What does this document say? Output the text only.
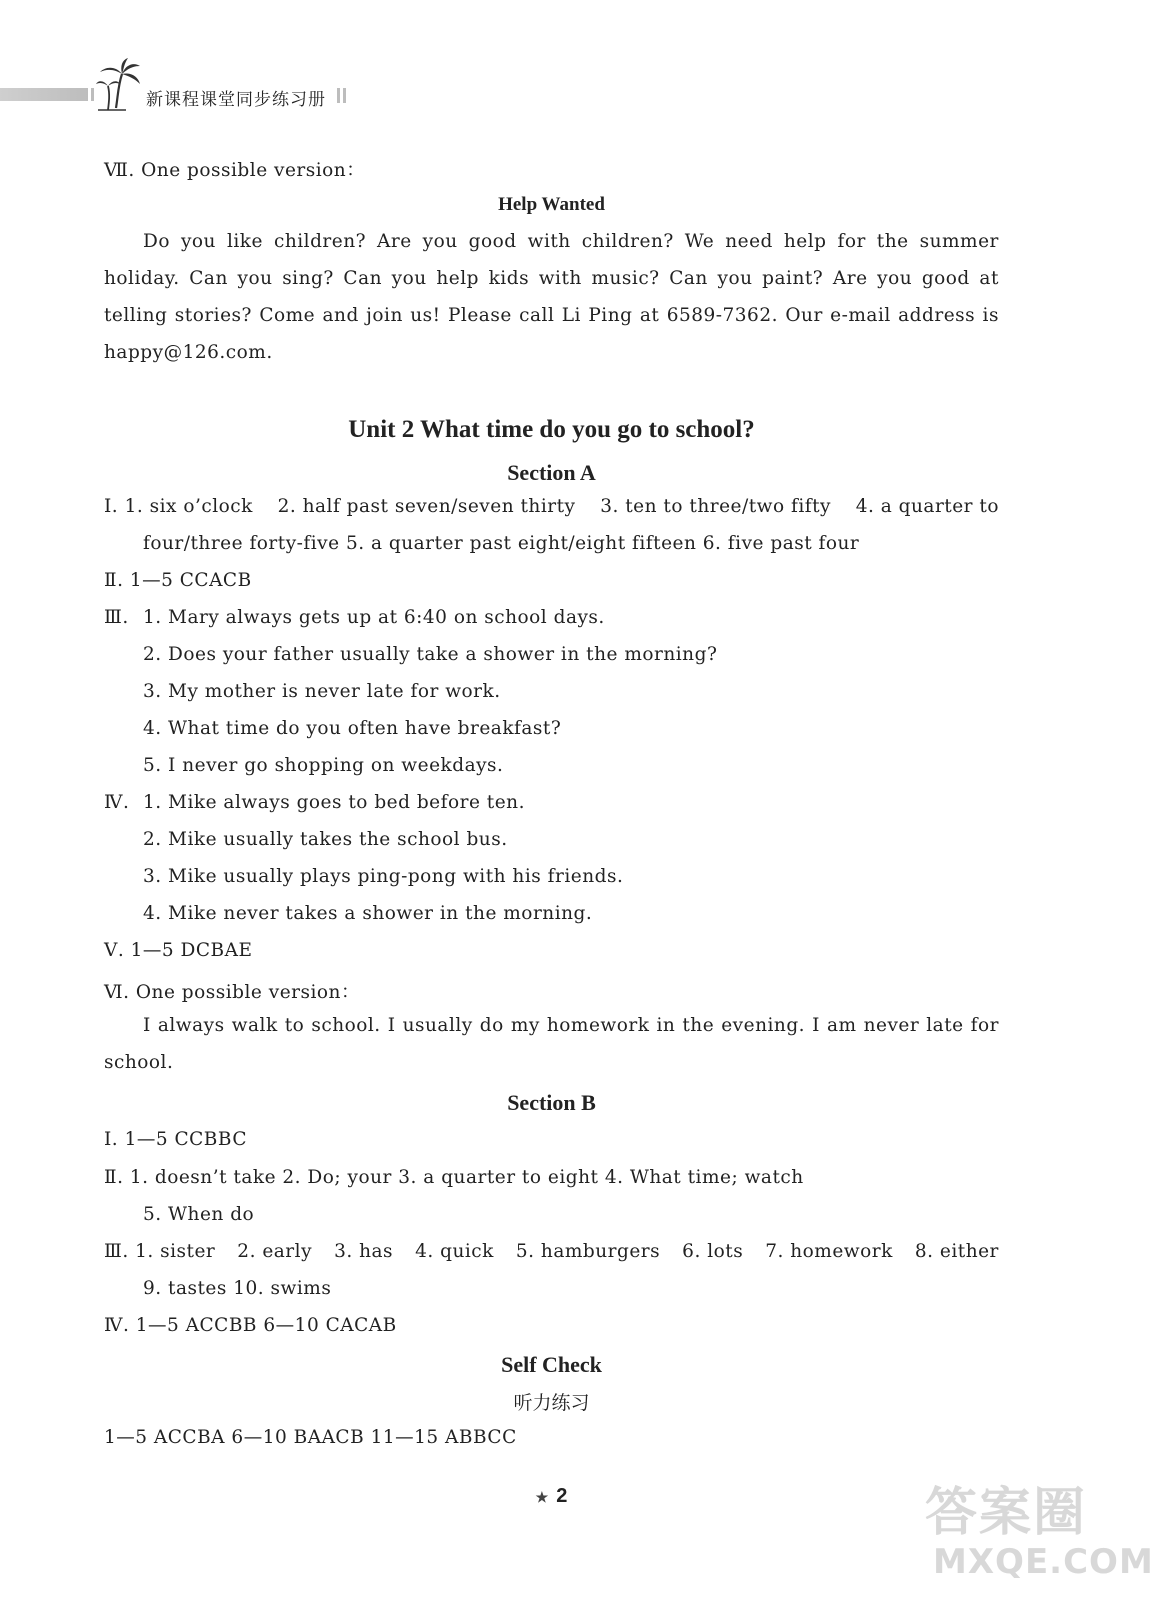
新课程课堂同步练习册
Ⅶ. One possible version：
Help Wanted
Do you like children? Are you good with children? We need help for the summer
holiday. Can you sing? Can you help kids with music? Can you paint? Are you good at
telling stories? Come and join us! Please call Li Ping at 6589-7362. Our e-mail address is
happy@126.com.
Unit 2 What time do you go to school?
Section A
Ⅰ. 1. six o’clock 2. half past seven/seven thirty 3. ten to three/two fifty 4. a quarter to
four/three forty-five 5. a quarter past eight/eight fifteen 6. five past four
Ⅱ. 1—5 CCACB
Ⅲ. 1. Mary always gets up at 6:40 on school days.
2. Does your father usually take a shower in the morning?
3. My mother is never late for work.
4. What time do you often have breakfast?
5. I never go shopping on weekdays.
Ⅳ. 1. Mike always goes to bed before ten.
2. Mike usually takes the school bus.
3. Mike usually plays ping-pong with his friends.
4. Mike never takes a shower in the morning.
Ⅴ. 1—5 DCBAE
Ⅵ. One possible version：
I always walk to school. I usually do my homework in the evening. I am never late for
school.
Section B
Ⅰ. 1—5 CCBBC
Ⅱ. 1. doesn’t take 2. Do; your 3. a quarter to eight 4. What time; watch
5. When do
Ⅲ. 1. sister 2. early 3. has 4. quick 5. hamburgers 6. lots 7. homework 8. either
9. tastes 10. swims
Ⅳ. 1—5 ACCBB 6—10 CACAB
Self Check
听力练习
1—5 ACCBA 6—10 BAACB 11—15 ABBCC
★ 2	答案圈
MXQE.COM
